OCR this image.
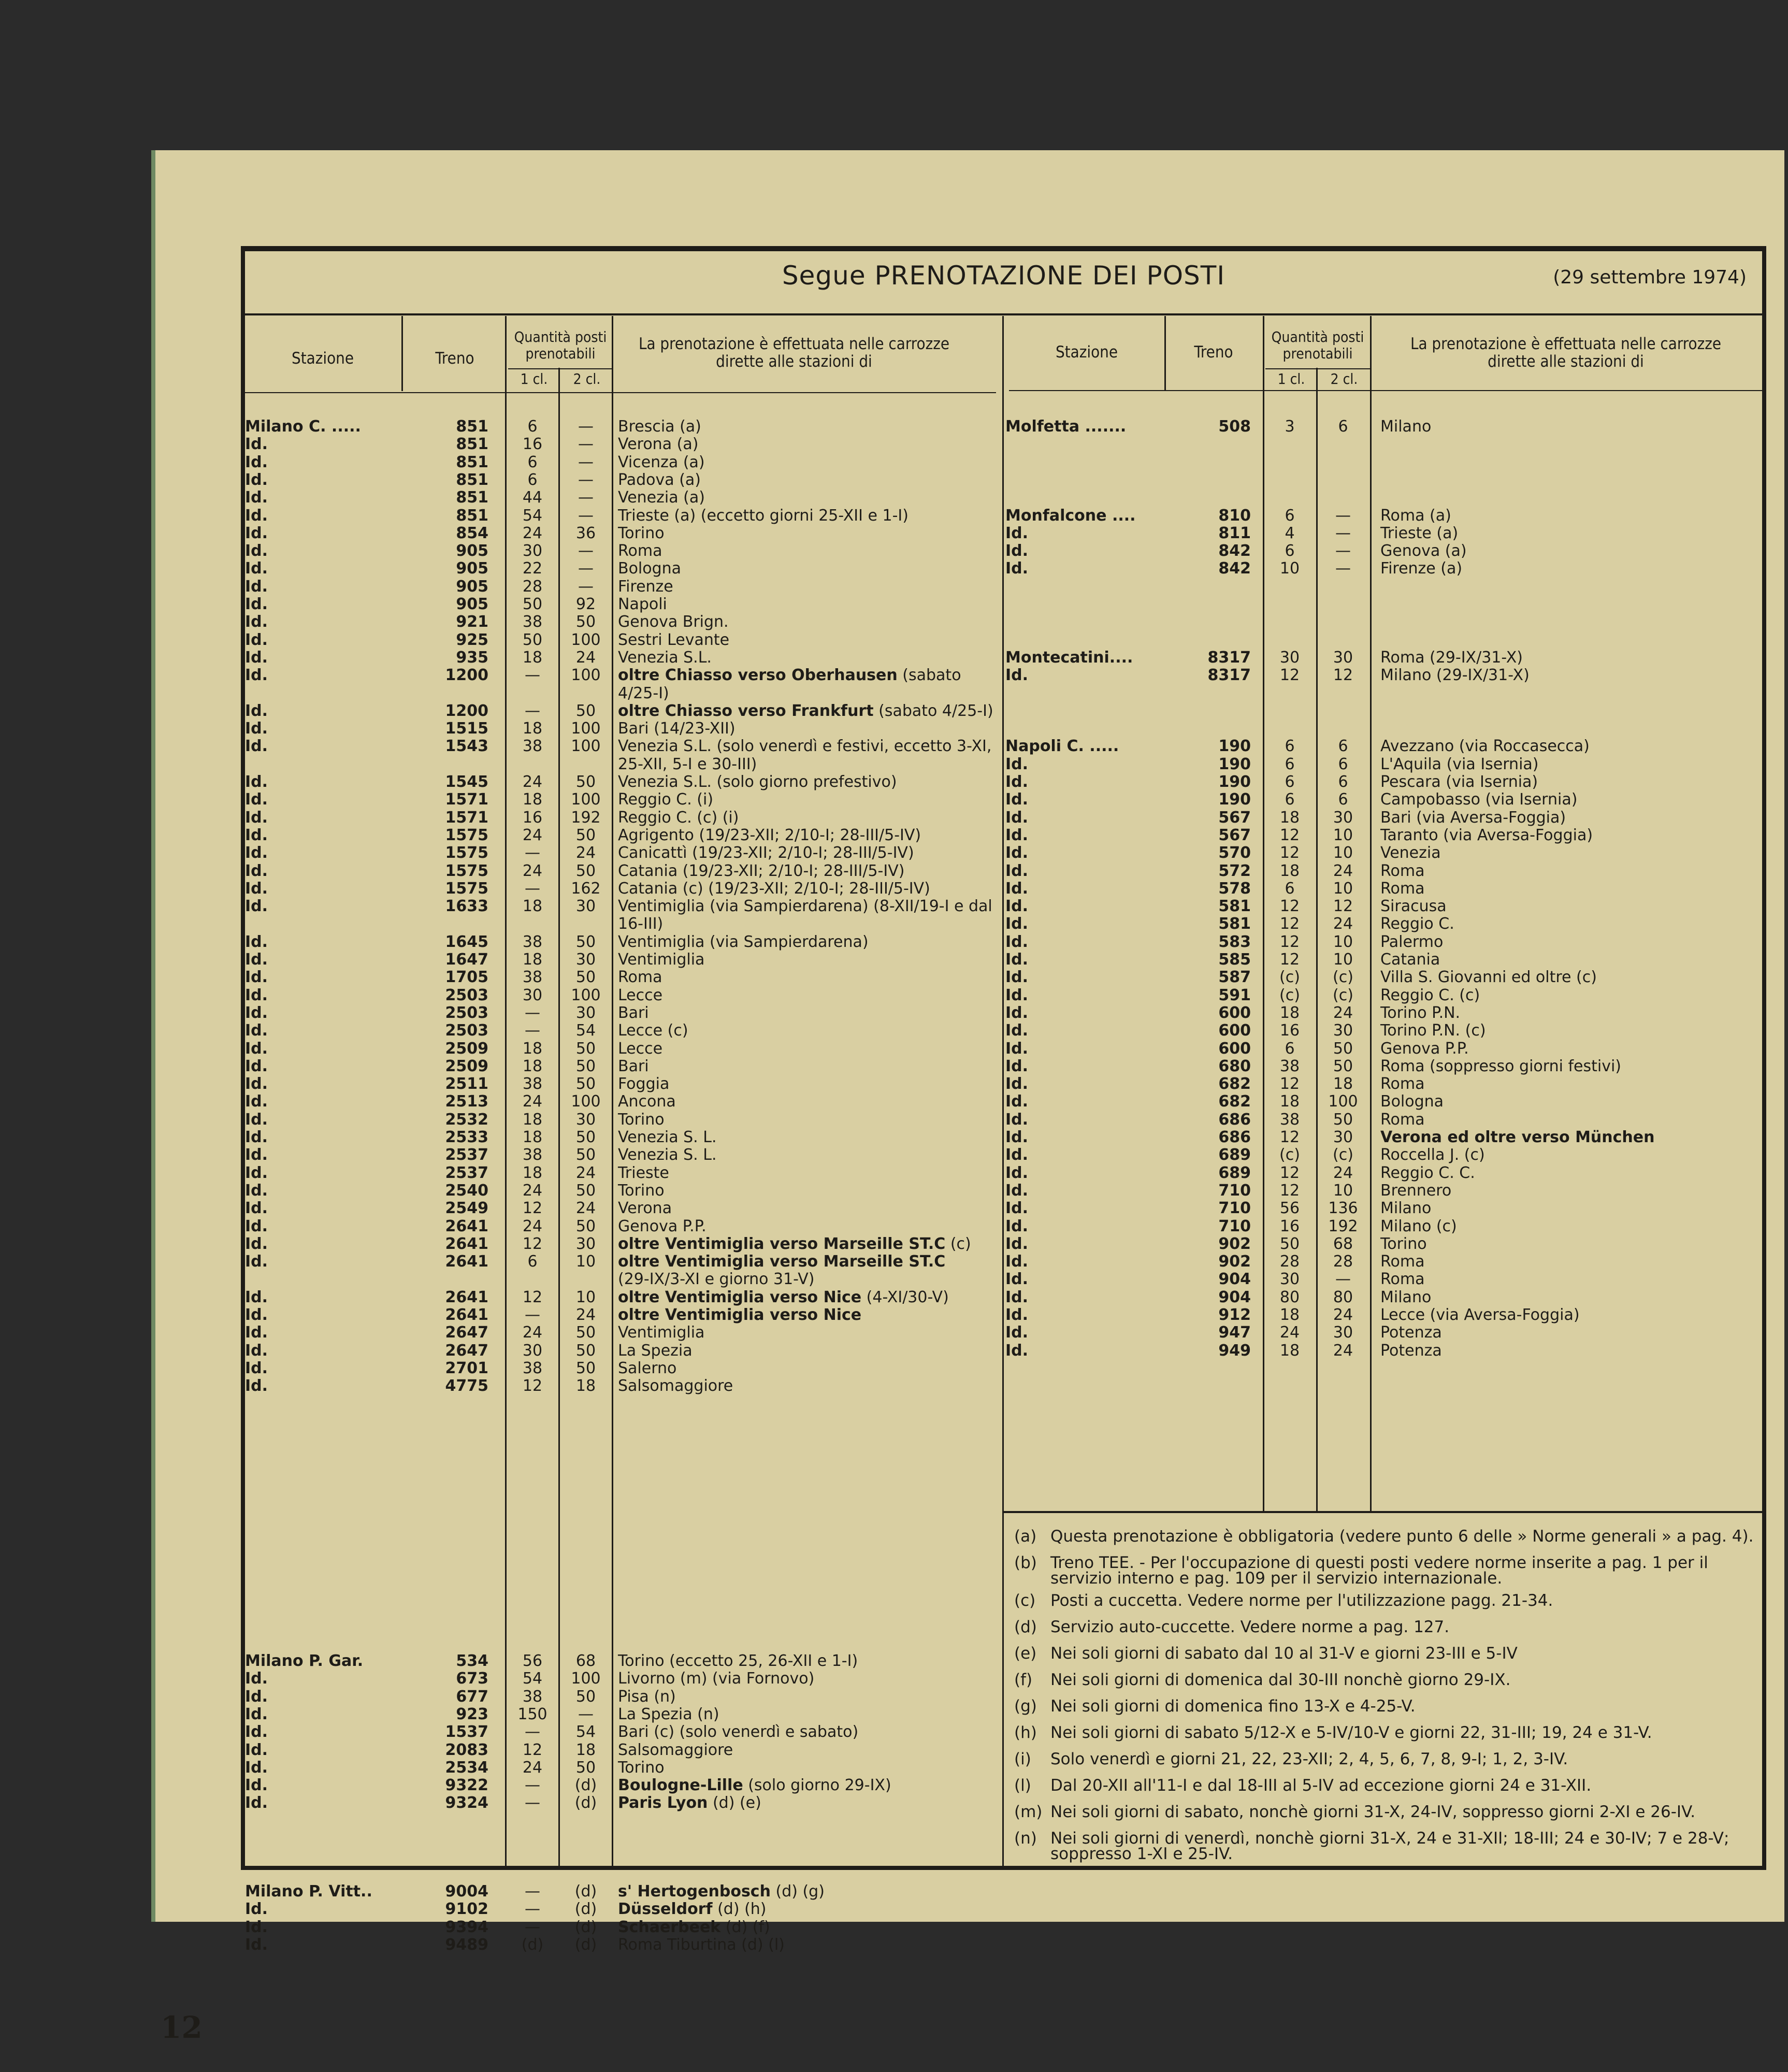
Segue PRENOTAZIONE DEI POSTI	(29 settembre 1974)
Stazione	Treno
Quantità posti prenotabili
1 cl.	2 cl.
La prenotazione è effettuata nelle carrozze dirette alle stazioni di	Stazione	Treno
Quantità posti prenotabili
1 cl.	2 cl.
La prenotazione è effettuata nelle carrozze dirette alle stazioni di
Milano C. .....	851	6	—	Brescia (a)
Id.	851	16	—	Verona (a)
Id.	851	6	—	Vicenza (a)
Id.	851	6	—	Padova (a)
Id.	851	44	—	Venezia (a)
Id.	851	54	—	Trieste (a) (eccetto giorni 25-XII e 1-I)
Id.	854	24	36	Torino
Id.	905	30	—	Roma
Id.	905	22	—	Bologna
Id.	905	28	—	Firenze
Id.	905	50	92	Napoli
Id.	921	38	50	Genova Brign.
Id.	925	50	100	Sestri Levante
Id.	935	18	24	Venezia S.L.
Id.	1200	—	100	oltre Chiasso verso Oberhausen (sabato
4/25-I)
Id.	1200	—	50	oltre Chiasso verso Frankfurt (sabato 4/25-I)
Id.	1515	18	100	Bari (14/23-XII)
Id.	1543	38	100	Venezia S.L. (solo venerdì e festivi, eccetto 3-XI,
25-XII, 5-I e 30-III)
Id.	1545	24	50	Venezia S.L. (solo giorno prefestivo)
Id.	1571	18	100	Reggio C. (i)
Id.	1571	16	192	Reggio C. (c) (i)
Id.	1575	24	50	Agrigento (19/23-XII; 2/10-I; 28-III/5-IV)
Id.	1575	—	24	Canicattì (19/23-XII; 2/10-I; 28-III/5-IV)
Id.	1575	24	50	Catania (19/23-XII; 2/10-I; 28-III/5-IV)
Id.	1575	—	162	Catania (c) (19/23-XII; 2/10-I; 28-III/5-IV)
Id.	1633	18	30	Ventimiglia (via Sampierdarena) (8-XII/19-I e dal
16-III)
Id.	1645	38	50	Ventimiglia (via Sampierdarena)
Id.	1647	18	30	Ventimiglia
Id.	1705	38	50	Roma
Id.	2503	30	100	Lecce
Id.	2503	—	30	Bari
Id.	2503	—	54	Lecce (c)
Id.	2509	18	50	Lecce
Id.	2509	18	50	Bari
Id.	2511	38	50	Foggia
Id.	2513	24	100	Ancona
Id.	2532	18	30	Torino
Id.	2533	18	50	Venezia S. L.
Id.	2537	38	50	Venezia S. L.
Id.	2537	18	24	Trieste
Id.	2540	24	50	Torino
Id.	2549	12	24	Verona
Id.	2641	24	50	Genova P.P.
Id.	2641	12	30	oltre Ventimiglia verso Marseille ST.C (c)
Id.	2641	6	10	oltre Ventimiglia verso Marseille ST.C
(29-IX/3-XI e giorno 31-V)
Id.	2641	12	10	oltre Ventimiglia verso Nice (4-XI/30-V)
Id.	2641	—	24	oltre Ventimiglia verso Nice
Id.	2647	24	50	Ventimiglia
Id.	2647	30	50	La Spezia
Id.	2701	38	50	Salerno
Id.	4775	12	18	Salsomaggiore
Milano P. Gar.	534	56	68	Torino (eccetto 25, 26-XII e 1-I)
Id.	673	54	100	Livorno (m) (via Fornovo)
Id.	677	38	50	Pisa (n)
Id.	923	150	—	La Spezia (n)
Id.	1537	—	54	Bari (c) (solo venerdì e sabato)
Id.	2083	12	18	Salsomaggiore
Id.	2534	24	50	Torino
Id.	9322	—	(d)	Boulogne-Lille (solo giorno 29-IX)
Id.	9324	—	(d)	Paris Lyon (d) (e)
Milano P. Vitt..	9004	—	(d)	s' Hertogenbosch (d) (g)
Id.	9102	—	(d)	Düsseldorf (d) (h)
Id.	9394	—	(d)	Schaerbeek (d) (f)
Id.	9489	(d)	(d)	Roma Tiburtina (d) (l)
Molfetta .......	508	3	6	Milano
Monfalcone ....	810	6	—	Roma (a)
Id.	811	4	—	Trieste (a)
Id.	842	6	—	Genova (a)
Id.	842	10	—	Firenze (a)
Montecatini....	8317	30	30	Roma (29-IX/31-X)
Id.	8317	12	12	Milano (29-IX/31-X)
Napoli C. .....	190	6	6	Avezzano (via Roccasecca)
Id.	190	6	6	L'Aquila (via Isernia)
Id.	190	6	6	Pescara (via Isernia)
Id.	190	6	6	Campobasso (via Isernia)
Id.	567	18	30	Bari (via Aversa-Foggia)
Id.	567	12	10	Taranto (via Aversa-Foggia)
Id.	570	12	10	Venezia
Id.	572	18	24	Roma
Id.	578	6	10	Roma
Id.	581	12	12	Siracusa
Id.	581	12	24	Reggio C.
Id.	583	12	10	Palermo
Id.	585	12	10	Catania
Id.	587	(c)	(c)	Villa S. Giovanni ed oltre (c)
Id.	591	(c)	(c)	Reggio C. (c)
Id.	600	18	24	Torino P.N.
Id.	600	16	30	Torino P.N. (c)
Id.	600	6	50	Genova P.P.
Id.	680	38	50	Roma (soppresso giorni festivi)
Id.	682	12	18	Roma
Id.	682	18	100	Bologna
Id.	686	38	50	Roma
Id.	686	12	30	Verona ed oltre verso München
Id.	689	(c)	(c)	Roccella J. (c)
Id.	689	12	24	Reggio C. C.
Id.	710	12	10	Brennero
Id.	710	56	136	Milano
Id.	710	16	192	Milano (c)
Id.	902	50	68	Torino
Id.	902	28	28	Roma
Id.	904	30	—	Roma
Id.	904	80	80	Milano
Id.	912	18	24	Lecce (via Aversa-Foggia)
Id.	947	24	30	Potenza
Id.	949	18	24	Potenza
(a) Questa prenotazione è obbligatoria (vedere punto 6 delle » Norme generali » a pag. 4).
(b) Treno TEE. - Per l'occupazione di questi posti vedere norme inserite a pag. 1 per il
servizio interno e pag. 109 per il servizio internazionale.
(c) Posti a cuccetta. Vedere norme per l'utilizzazione pagg. 21-34.
(d) Servizio auto-cuccette. Vedere norme a pag. 127.
(e) Nei soli giorni di sabato dal 10 al 31-V e giorni 23-III e 5-IV
(f) Nei soli giorni di domenica dal 30-III nonchè giorno 29-IX.
(g) Nei soli giorni di domenica fino 13-X e 4-25-V.
(h) Nei soli giorni di sabato 5/12-X e 5-IV/10-V e giorni 22, 31-III; 19, 24 e 31-V.
(i) Solo venerdì e giorni 21, 22, 23-XII; 2, 4, 5, 6, 7, 8, 9-I; 1, 2, 3-IV.
(l) Dal 20-XII all'11-I e dal 18-III al 5-IV ad eccezione giorni 24 e 31-XII.
(m) Nei soli giorni di sabato, nonchè giorni 31-X, 24-IV, soppresso giorni 2-XI e 26-IV.
(n) Nei soli giorni di venerdì, nonchè giorni 31-X, 24 e 31-XII; 18-III; 24 e 30-IV; 7 e 28-V;
soppresso 1-XI e 25-IV.
12
